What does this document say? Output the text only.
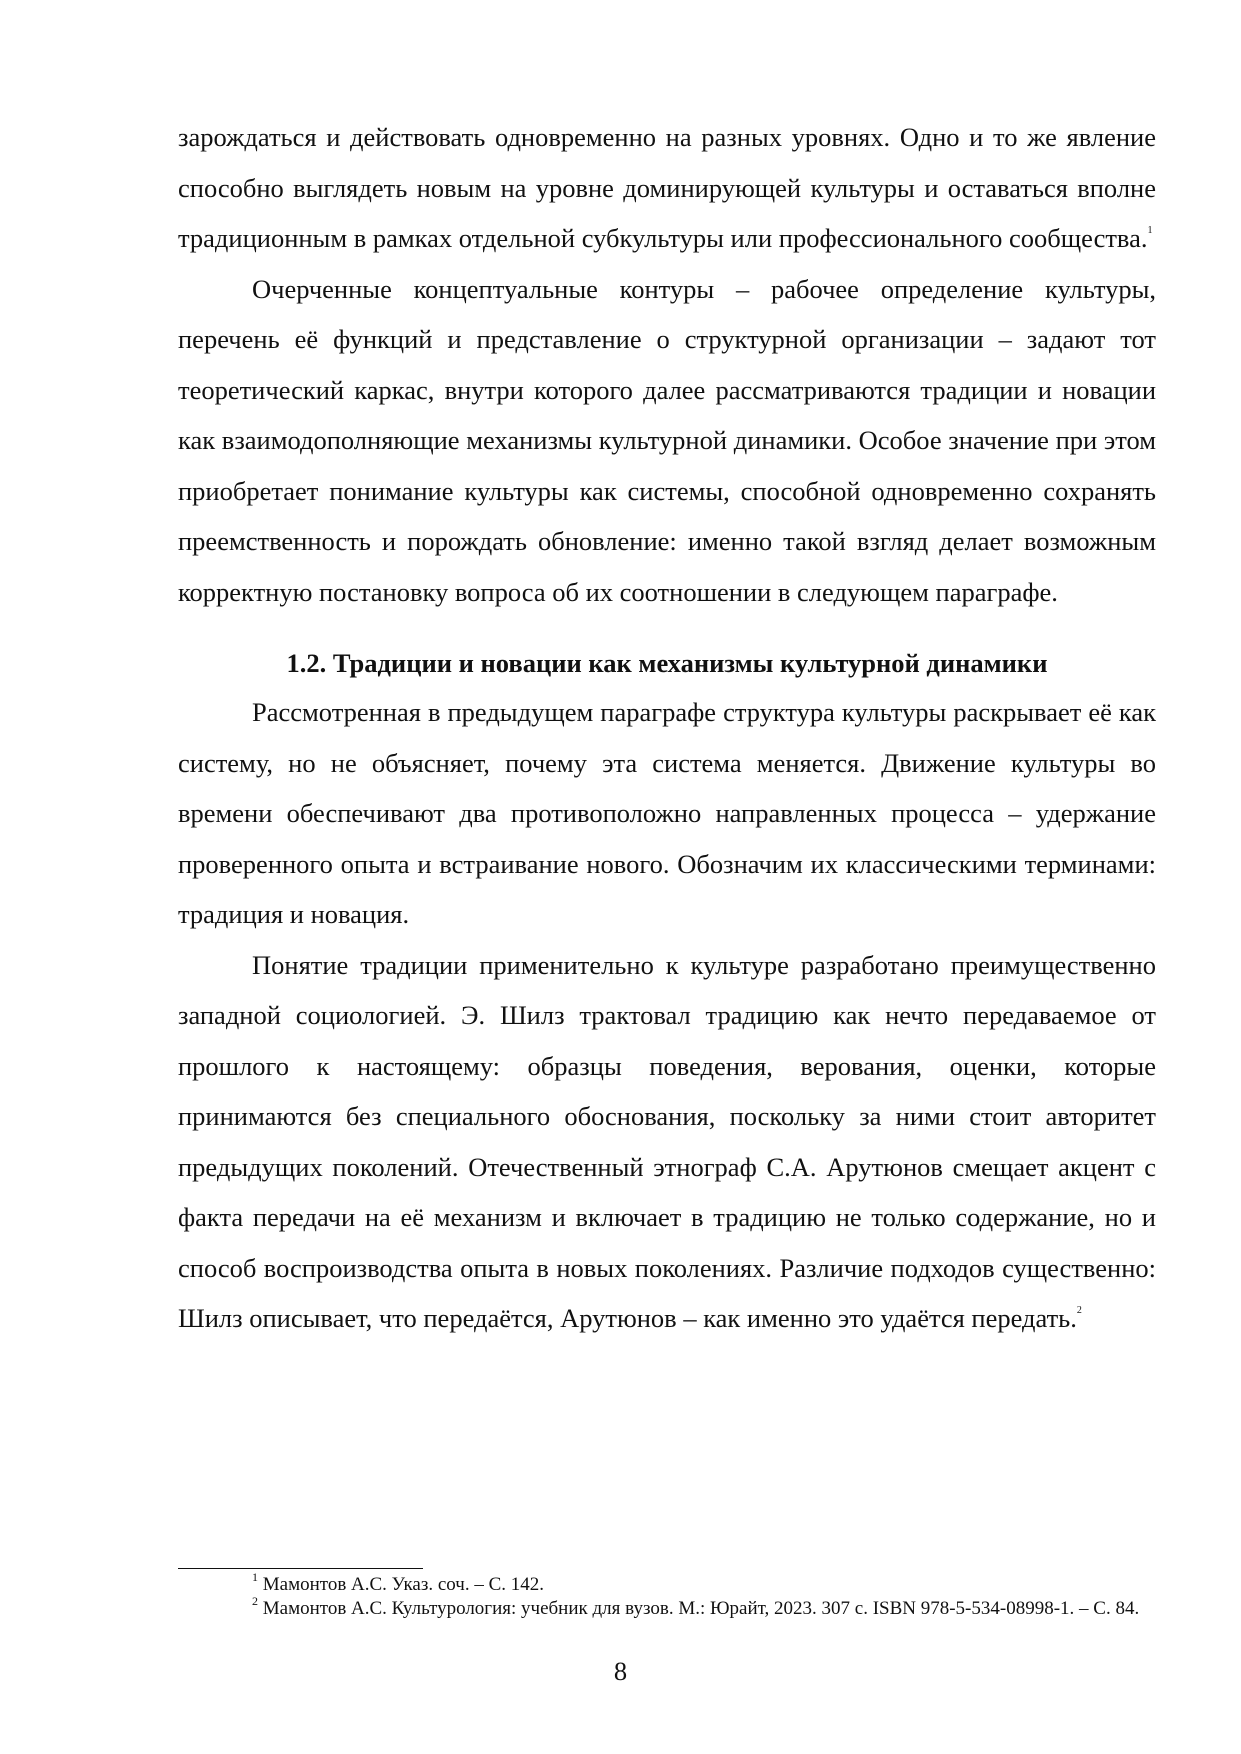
зарождаться и действовать одновременно на разных уровнях. Одно и то же явление способно выглядеть новым на уровне доминирующей культуры и оставаться вполне традиционным в рамках отдельной субкультуры или профессионального сообщества.$^1$

Очерченные концептуальные контуры – рабочее определение культуры, перечень её функций и представление о структурной организации – задают тот теоретический каркас, внутри которого далее рассматриваются традиции и новации как взаимодополняющие механизмы культурной динамики. Особое значение при этом приобретает понимание культуры как системы, способной одновременно сохранять преемственность и порождать обновление: именно такой взгляд делает возможным корректную постановку вопроса об их соотношении в следующем параграфе.

1.2. Традиции и новации как механизмы культурной динамики

Рассмотренная в предыдущем параграфе структура культуры раскрывает её как систему, но не объясняет, почему эта система меняется. Движение культуры во времени обеспечивают два противоположно направленных процесса – удержание проверенного опыта и встраивание нового. Обозначим их классическими терминами: традиция и новация.

Понятие традиции применительно к культуре разработано преимущественно западной социологией. Э. Шилз трактовал традицию как нечто передаваемое от прошлого к настоящему: образцы поведения, верования, оценки, которые принимаются без специального обоснования, поскольку за ними стоит авторитет предыдущих поколений. Отечественный этнограф С.А. Арутюнов смещает акцент с факта передачи на её механизм и включает в традицию не только содержание, но и способ воспроизводства опыта в новых поколениях. Различие подходов существенно: Шилз описывает, что передаётся, Арутюнов – как именно это удаётся передать.$^2$

$^1$ Мамонтов А.С. Указ. соч. – С. 142.

$^2$ Мамонтов А.С. Культурология: учебник для вузов. М.: Юрайт, 2023. 307 с. ISBN 978-5-534-08998-1. – С. 84.

8
